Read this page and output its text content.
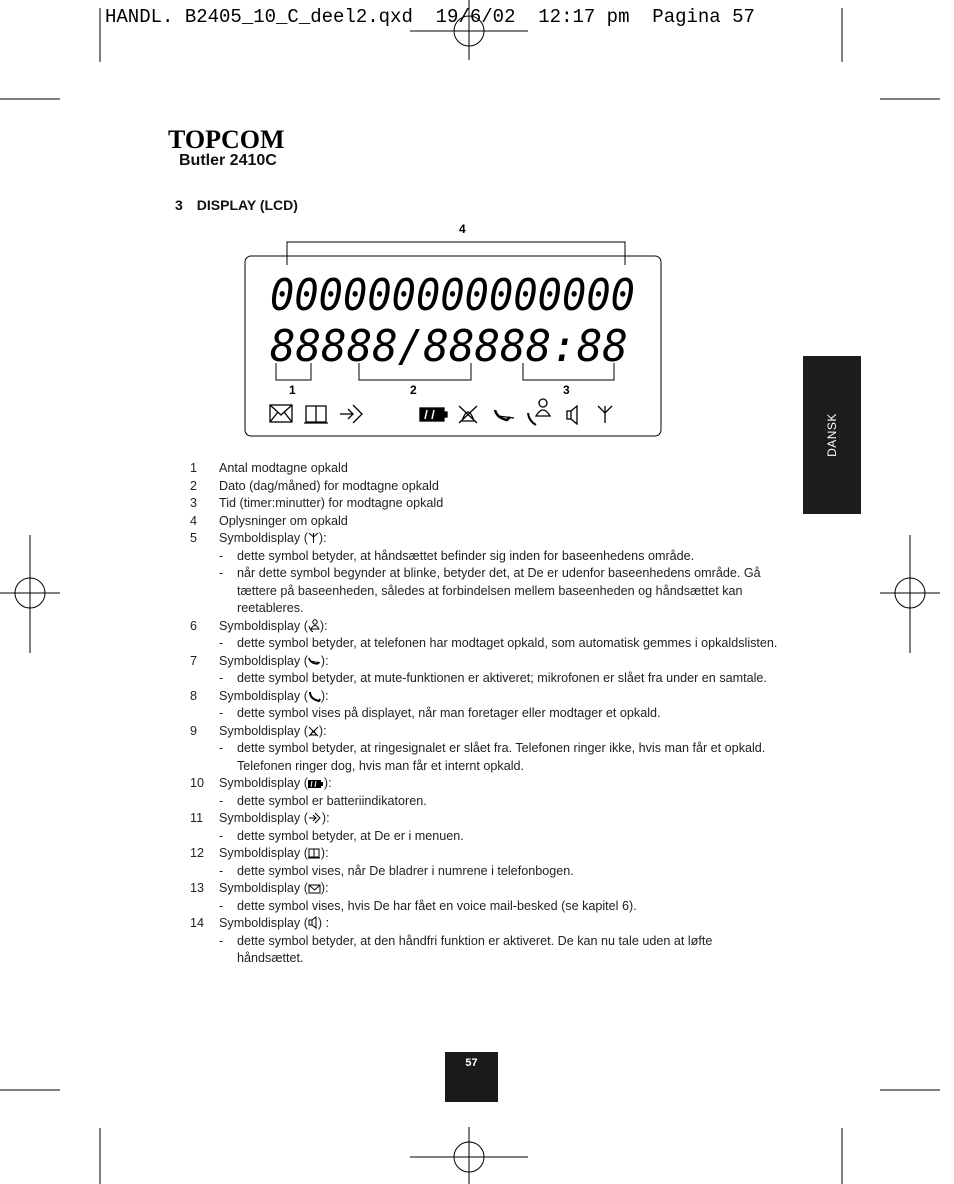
HANDL. B2405_10_C_deel2.qxd  19/6/02  12:17 pm  Pagina 57
TOPCOM
Butler 2410C
3 DISPLAY (LCD)
4
000000000000000
88888/88888:88
1	2	3
DANSK
1 Antal modtagne opkald
2 Dato (dag/måned) for modtagne opkald
3 Tid (timer:minutter) for modtagne opkald
4 Oplysninger om opkald
5 Symboldisplay ( ):
- dette symbol betyder, at håndsættet befinder sig inden for baseenhedens område.
- når dette symbol begynder at blinke, betyder det, at De er udenfor baseenhedens område. Gå tættere på baseenheden, således at forbindelsen mellem baseenheden og håndsættet kan reetableres.
6 Symboldisplay ( ):
- dette symbol betyder, at telefonen har modtaget opkald, som automatisk gemmes i opkaldslisten.
7 Symboldisplay ( ):
- dette symbol betyder, at mute-funktionen er aktiveret; mikrofonen er slået fra under en samtale.
8 Symboldisplay ( ):
- dette symbol vises på displayet, når man foretager eller modtager et opkald.
9 Symboldisplay ( ):
- dette symbol betyder, at ringesignalet er slået fra. Telefonen ringer ikke, hvis man får et opkald. Telefonen ringer dog, hvis man får et internt opkald.
10 Symboldisplay ( ):
- dette symbol er batteriindikatoren.
11 Symboldisplay ( ):
- dette symbol betyder, at De er i menuen.
12 Symboldisplay ( ):
- dette symbol vises, når De bladrer i numrene i telefonbogen.
13 Symboldisplay ( ):
- dette symbol vises, hvis De har fået en voice mail-besked (se kapitel 6).
14 Symboldisplay ( ) :
- dette symbol betyder, at den håndfri funktion er aktiveret. De kan nu tale uden at løfte håndsættet.
57
